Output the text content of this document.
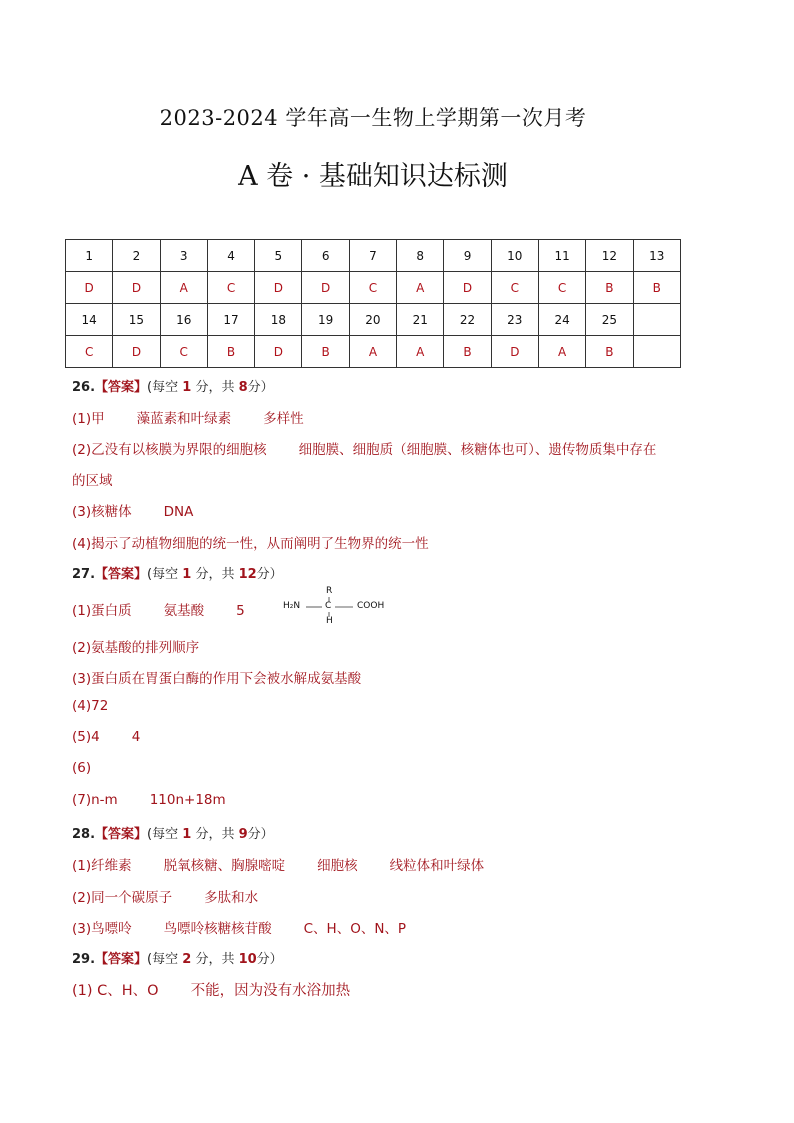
2023-2024 学年高一生物上学期第一次月考
A 卷 · 基础知识达标测
1	2	3	4	5	6	7	8	9	10	11	12	13
D	D	A	C	D	D	C	A	D	C	C	B	B
14	15	16	17	18	19	20	21	22	23	24	25	
C	D	C	B	D	B	A	A	B	D	A	B	
26.【答案】(每空 1 分，共 8分）
(1)甲 藻蓝素和叶绿素 多样性
(2)乙没有以核膜为界限的细胞核 细胞膜、细胞质（细胞膜、核糖体也可）、遗传物质集中存在
的区域
(3)核糖体 DNA
(4)揭示了动植物细胞的统一性，从而阐明了生物界的统一性
27.【答案】(每空 1 分，共 12分）
(1)蛋白质 氨基酸 5
R
H₂N	C	COOH
H
(2)氨基酸的排列顺序
(3)蛋白质在胃蛋白酶的作用下会被水解成氨基酸
(4)72
(5)4 4
(6)
(7)n-m 110n+18m
28.【答案】(每空 1 分，共 9分）
(1)纤维素 脱氧核糖、胸腺嘧啶 细胞核 线粒体和叶绿体
(2)同一个碳原子 多肽和水
(3)鸟嘌呤 鸟嘌呤核糖核苷酸 C、H、O、N、P
29.【答案】(每空 2 分，共 10分）
(1) C、H、O 不能，因为没有水浴加热
